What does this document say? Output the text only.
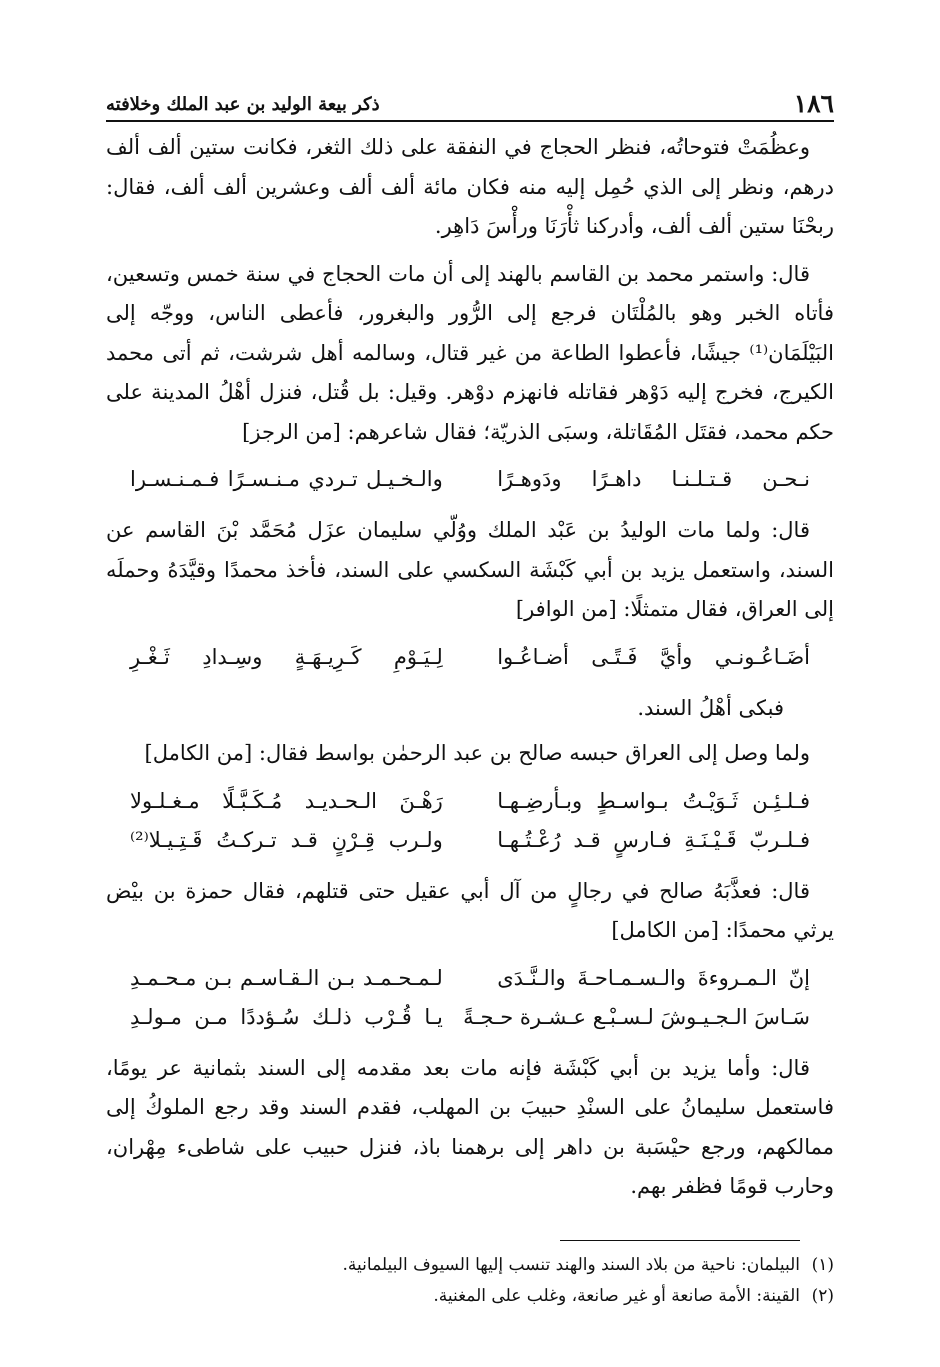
١٨٦
ذكر بيعة الوليد بن عبد الملك وخلافته

وعظُمَتْ فتوحاتُه، فنظر الحجاج في النفقة على ذلك الثغر، فكانت ستين ألف ألف درهم، ونظر إلى الذي حُمِل إليه منه فكان مائة ألف ألف وعشرين ألف ألف، فقال: ربحْنَا ستين ألف ألف، وأدركنا ثأْرَنَا ورأْسَ دَاهِر.

قال: واستمر محمد بن القاسم بالهند إلى أن مات الحجاج في سنة خمس وتسعين، فأتاه الخبر وهو بالمُلْتَان فرجع إلى الرُّور والبغرور، فأعطى الناس، ووجّه إلى البَيْلَمَان⁽¹⁾ جيشًا، فأعطوا الطاعة من غير قتال، وسالمه أهل شرشت، ثم أتى محمد الكيرج، فخرج إليه دَوْهر فقاتله فانهزم دوْهر. وقيل: بل قُتل، فنزل أهْلُ المدينة على حكم محمد، فقتَل المُقَاتلة، وسبَى الذريّة؛ فقال شاعرهم: [من الرجز]

نـحـن قـتـلـنـا داهـرًا ودَوهـرًا
والـخـيـل تـردي مـنـسـرًا فـمـنـسـرا

قال: ولما مات الوليدُ بن عَبْد الملك ووُلّي سليمان عزَل مُحَمَّد بْنَ القاسم عن السند، واستعمل يزيد بن أبي كَبْشَة السكسي على السند، فأخذ محمدًا وقيَّدَهُ وحملَه إلى العراق، فقال متمثلًا: [من الوافر]

أضَـاعُـونـي وأيَّ فَـتًـى أضـاعُـوا
لِـيَـوْمِ كَـرِيـهَـةٍ وسِـدادِ ثَـغْـرِ

فبكى أهْلُ السند.

ولما وصل إلى العراق حبسه صالح بن عبد الرحمٰن بواسط فقال: [من الكامل]

فـلـئِـن ثَـوَيْـتُ بـواسـطٍ وبـأرضِـهـا
رَهْـنَ الـحـديـد مُـكَـبَّـلًا مـغـلـولا
فـلـربّ قَـيْـنَـةِ فـارسٍ قـد رُعْـتُـهـا
ولـرب قِـرْنٍ قـد تـركـتُ قَـتِـيـلا⁽²⁾

قال: فعذَّبَهُ صالح في رجالٍ من آل أبي عقيل حتى قتلهم، فقال حمزة بن بيْض يرثي محمدًا: [من الكامل]

إنّ الـمـروءةَ والـسـمـاحـةَ والـنَّـدَى
لـمـحـمـد بـن الـقـاسـم بـن مـحـمـدِ
سَـاسَ الـجـيـوشَ لـسـبْـع عـشـرة حـجـةً
يـا قُـرْب ذلـك سُـؤددًا مـن مـولـدِ

قال: وأما يزيد بن أبي كَبْشَة فإنه مات بعد مقدمه إلى السند بثمانية عر يومًا، فاستعمل سليمانُ على السنْدِ حبيبَ بن المهلب، فقدم السند وقد رجع الملوكُ إلى ممالكهم، ورجع حيْسَبة بن داهر إلى برهمنا باذ، فنزل حبيب على شاطىء مِهْران، وحارب قومًا فظفر بهم.

(١)
البيلمان: ناحية من بلاد السند والهند تنسب إليها السيوف البيلمانية.
(٢)
القينة: الأمة صانعة أو غير صانعة، وغلب على المغنية.
